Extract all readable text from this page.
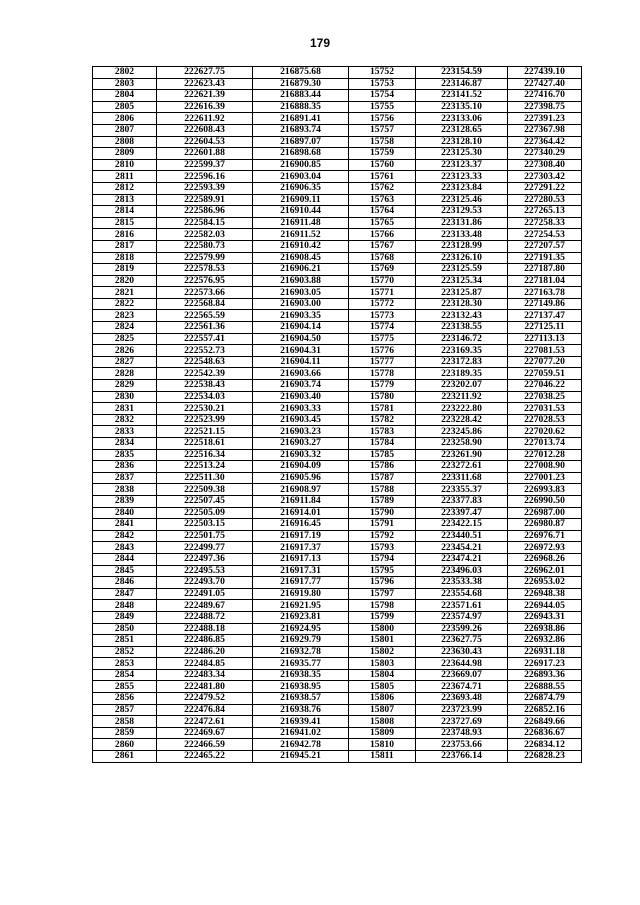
179
2802	222627.75	216875.68	15752	223154.59	227439.10
2803	222623.43	216879.30	15753	223146.87	227427.40
2804	222621.39	216883.44	15754	223141.52	227416.70
2805	222616.39	216888.35	15755	223135.10	227398.75
2806	222611.92	216891.41	15756	223133.06	227391.23
2807	222608.43	216893.74	15757	223128.65	227367.98
2808	222604.53	216897.07	15758	223128.10	227364.42
2809	222601.88	216898.68	15759	223125.30	227340.29
2810	222599.37	216900.85	15760	223123.37	227308.40
2811	222596.16	216903.04	15761	223123.33	227303.42
2812	222593.39	216906.35	15762	223123.84	227291.22
2813	222589.91	216909.11	15763	223125.46	227280.53
2814	222586.96	216910.44	15764	223129.53	227265.13
2815	222584.15	216911.48	15765	223131.86	227258.33
2816	222582.03	216911.52	15766	223133.48	227254.53
2817	222580.73	216910.42	15767	223128.99	227207.57
2818	222579.99	216908.45	15768	223126.10	227191.35
2819	222578.53	216906.21	15769	223125.59	227187.80
2820	222576.95	216903.88	15770	223125.34	227181.04
2821	222573.66	216903.05	15771	223125.87	227163.78
2822	222568.84	216903.00	15772	223128.30	227149.86
2823	222565.59	216903.35	15773	223132.43	227137.47
2824	222561.36	216904.14	15774	223138.55	227125.11
2825	222557.41	216904.50	15775	223146.72	227113.13
2826	222552.73	216904.31	15776	223169.35	227081.53
2827	222548.63	216904.11	15777	223172.83	227077.20
2828	222542.39	216903.66	15778	223189.35	227059.51
2829	222538.43	216903.74	15779	223202.07	227046.22
2830	222534.03	216903.40	15780	223211.92	227038.25
2831	222530.21	216903.33	15781	223222.80	227031.53
2832	222523.99	216903.45	15782	223228.42	227028.53
2833	222521.15	216903.23	15783	223245.86	227020.62
2834	222518.61	216903.27	15784	223258.90	227013.74
2835	222516.34	216903.32	15785	223261.90	227012.28
2836	222513.24	216904.09	15786	223272.61	227008.90
2837	222511.30	216905.96	15787	223311.68	227001.23
2838	222509.38	216908.97	15788	223355.37	226993.83
2839	222507.45	216911.84	15789	223377.83	226990.50
2840	222505.09	216914.01	15790	223397.47	226987.00
2841	222503.15	216916.45	15791	223422.15	226980.87
2842	222501.75	216917.19	15792	223440.51	226976.71
2843	222499.77	216917.37	15793	223454.21	226972.93
2844	222497.36	216917.13	15794	223474.21	226968.26
2845	222495.53	216917.31	15795	223496.03	226962.01
2846	222493.70	216917.77	15796	223533.38	226953.02
2847	222491.05	216919.80	15797	223554.68	226948.38
2848	222489.67	216921.95	15798	223571.61	226944.05
2849	222488.72	216923.81	15799	223574.97	226943.31
2850	222488.18	216924.95	15800	223599.26	226938.86
2851	222486.85	216929.79	15801	223627.75	226932.86
2852	222486.20	216932.78	15802	223630.43	226931.18
2853	222484.85	216935.77	15803	223644.98	226917.23
2854	222483.34	216938.35	15804	223669.07	226893.36
2855	222481.80	216938.95	15805	223674.71	226888.55
2856	222479.52	216938.57	15806	223693.48	226874.79
2857	222476.84	216938.76	15807	223723.99	226852.16
2858	222472.61	216939.41	15808	223727.69	226849.66
2859	222469.67	216941.02	15809	223748.93	226836.67
2860	222466.59	216942.78	15810	223753.66	226834.12
2861	222465.22	216945.21	15811	223766.14	226828.23
